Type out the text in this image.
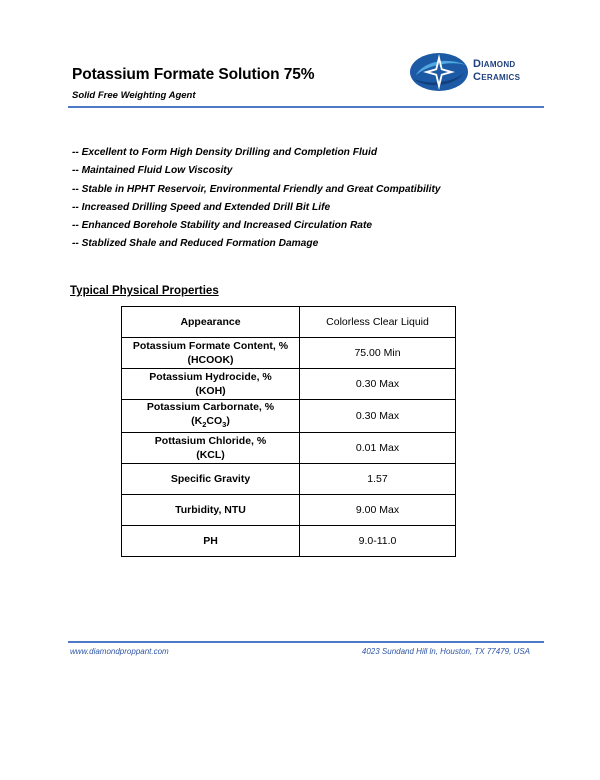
Potassium Formate Solution 75%
Solid Free Weighting Agent
Diamond
Ceramics
-- Excellent to Form High Density Drilling and Completion Fluid
-- Maintained Fluid Low Viscosity
-- Stable in HPHT Reservoir, Environmental Friendly and Great Compatibility
-- Increased Drilling Speed and Extended Drill Bit Life
-- Enhanced Borehole Stability and Increased Circulation Rate
-- Stablized Shale and Reduced Formation Damage
Typical Physical Properties
Appearance	Colorless Clear Liquid

Potassium Formate Content, %
(HCOOK)	75.00 Min

Potassium Hydrocide, %
(KOH)	0.30 Max

Potassium Carbornate, %
$(K_2CO_3)$	0.30 Max

Pottasium Chloride, %
(KCL)	0.01 Max
Specific Gravity	1.57
Turbidity, NTU	9.00 Max
PH	9.0-11.0
www.diamondproppant.com	4023 Sundand Hill ln, Houston, TX 77479, USA
